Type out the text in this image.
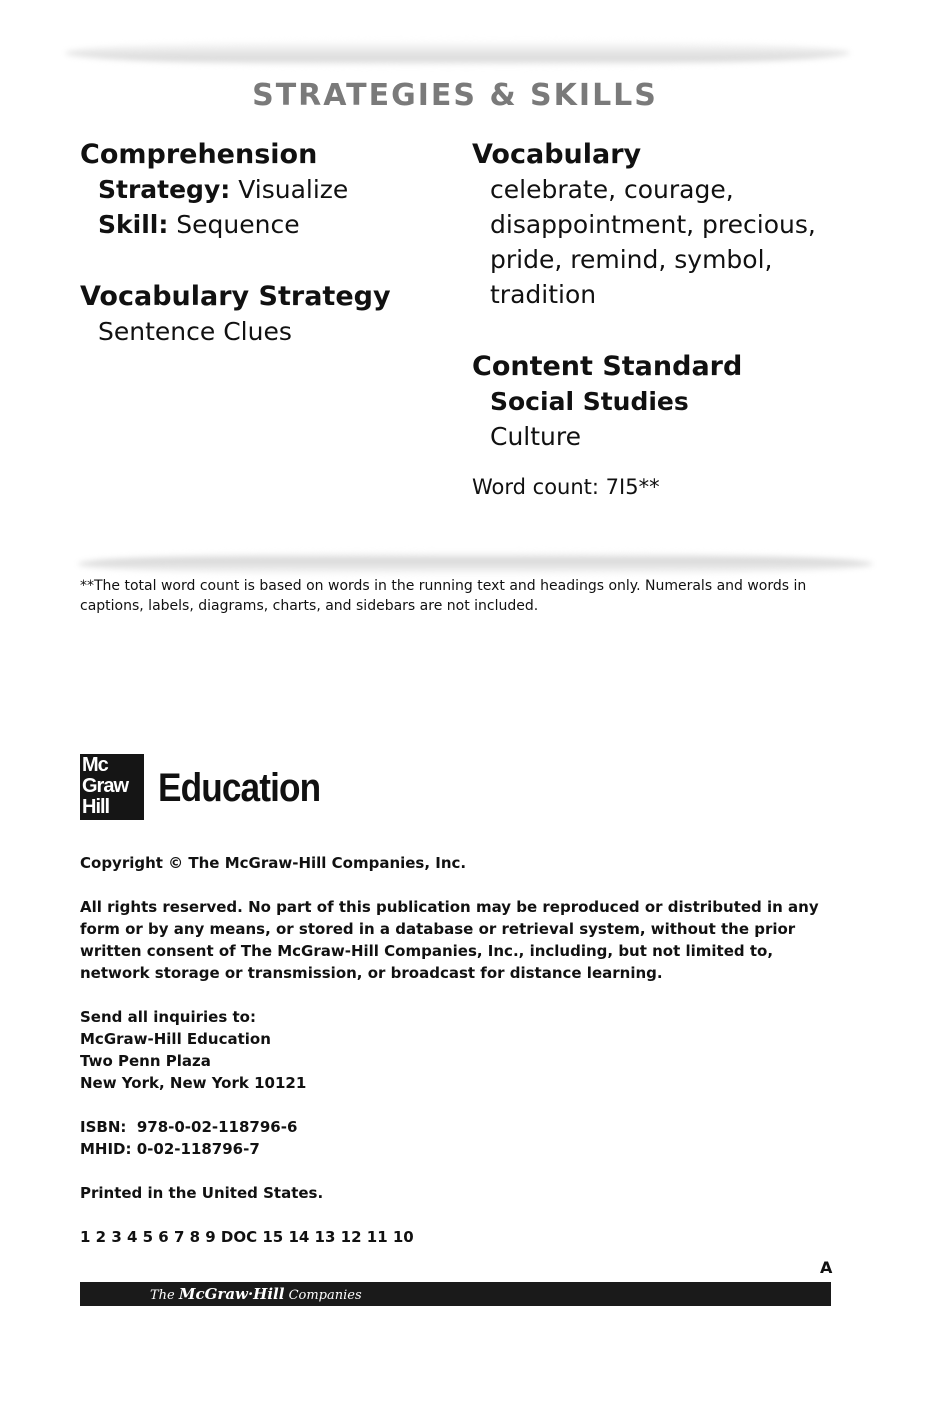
STRATEGIES & SKILLS

Comprehension

Strategy: Visualize

Skill: Sequence

Vocabulary Strategy

Sentence Clues

Vocabulary

celebrate, courage,

disappointment, precious,

pride, remind, symbol,

tradition

Content Standard

Social Studies

Culture

Word count: 7I5**

**The total word count is based on words in the running text and headings only. Numerals and words in captions, labels, diagrams, charts, and sidebars are not included.
Mc
Graw
Hill	Education

Copyright © The McGraw-Hill Companies, Inc.

All rights reserved. No part of this publication may be reproduced or distributed in any form or by any means, or stored in a database or retrieval system, without the prior written consent of The McGraw-Hill Companies, Inc., including, but not limited to, network storage or transmission, or broadcast for distance learning.

Send all inquiries to:
McGraw-Hill Education
Two Penn Plaza
New York, New York 10121

ISBN:  978-0-02-118796-6
MHID: 0-02-118796-7

Printed in the United States.

1 2 3 4 5 6 7 8 9 DOC 15 14 13 12 11 10

A
The McGraw·Hill Companies
